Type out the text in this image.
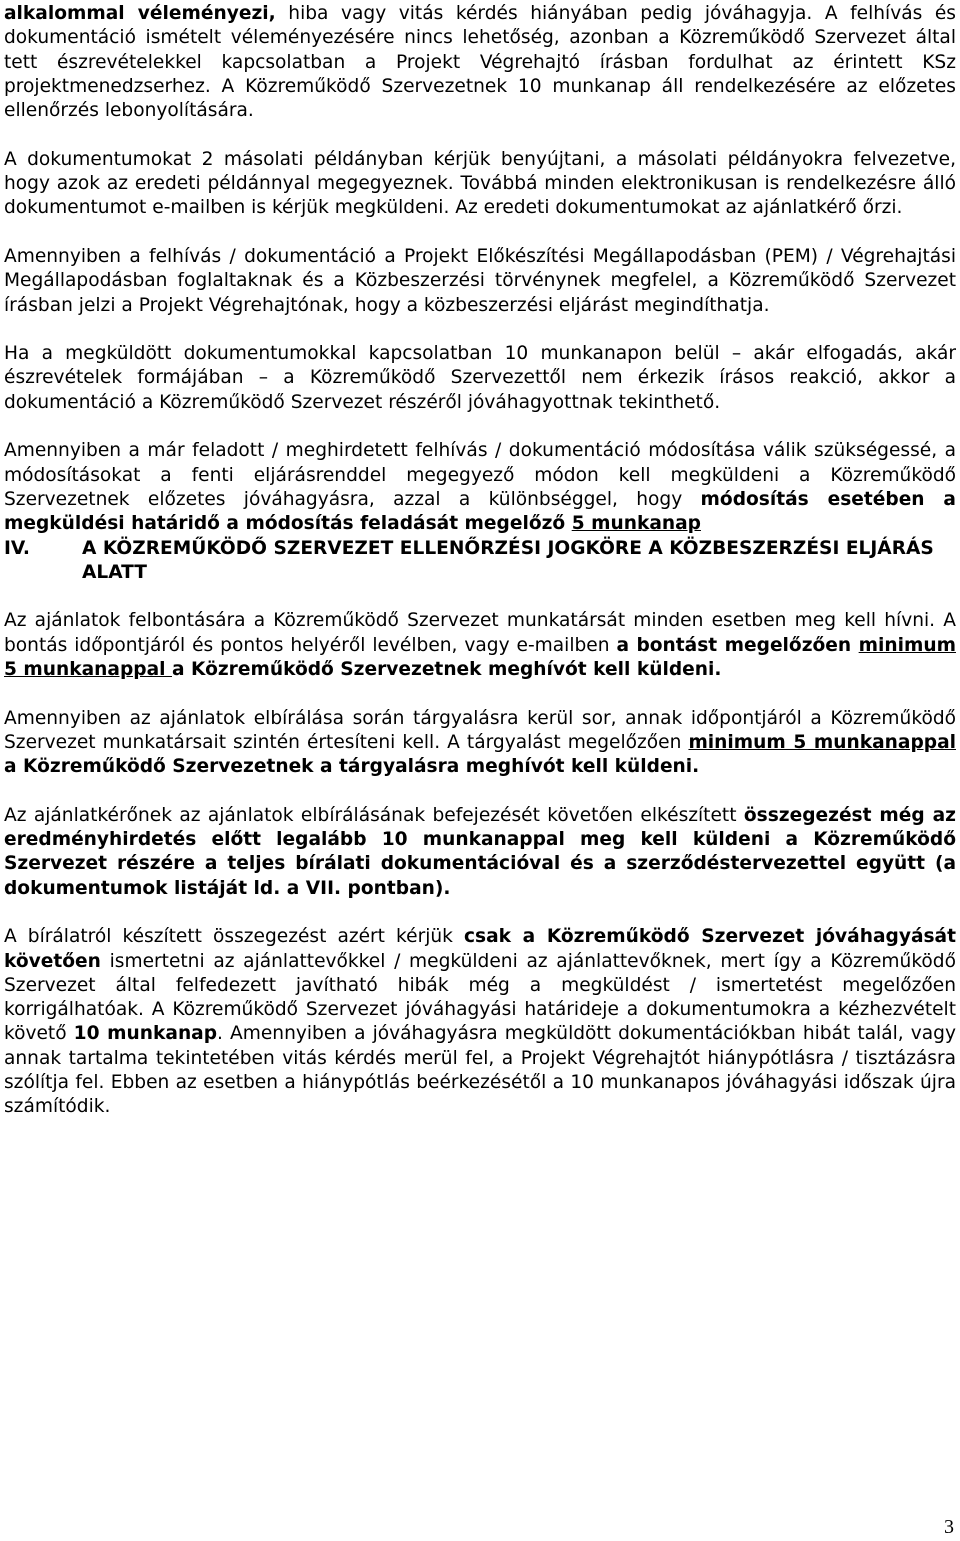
alkalommal véleményezi, hiba vagy vitás kérdés hiányában pedig jóváhagyja. A felhívás és dokumentáció ismételt véleményezésére nincs lehetőség, azonban a Közreműködő Szervezet által tett észrevételekkel kapcsolatban a Projekt Végrehajtó írásban fordulhat az érintett KSz projektmenedzserhez. A Közreműködő Szervezetnek 10 munkanap áll rendelkezésére az előzetes ellenőrzés lebonyolítására.

A dokumentumokat 2 másolati példányban kérjük benyújtani, a másolati példányokra felvezetve, hogy azok az eredeti példánnyal megegyeznek. Továbbá minden elektronikusan is rendelkezésre álló dokumentumot e-mailben is kérjük megküldeni. Az eredeti dokumentumokat az ajánlatkérő őrzi.

Amennyiben a felhívás / dokumentáció a Projekt Előkészítési Megállapodásban (PEM) / Végrehajtási Megállapodásban foglaltaknak és a Közbeszerzési törvénynek megfelel, a Közreműködő Szervezet írásban jelzi a Projekt Végrehajtónak, hogy a közbeszerzési eljárást megindíthatja.

Ha a megküldött dokumentumokkal kapcsolatban 10 munkanapon belül – akár elfogadás, akár észrevételek formájában – a Közreműködő Szervezettől nem érkezik írásos reakció, akkor a dokumentáció a Közreműködő Szervezet részéről jóváhagyottnak tekinthető.

Amennyiben a már feladott / meghirdetett felhívás / dokumentáció módosítása válik szükségessé, a módosításokat a fenti eljárásrenddel megegyező módon kell megküldeni a Közreműködő Szervezetnek előzetes jóváhagyásra, azzal a különbséggel, hogy módosítás esetében a megküldési határidő a módosítás feladását megelőző 5 munkanap

IV.	A KÖZREMŰKÖDŐ SZERVEZET ELLENŐRZÉSI JOGKÖRE A KÖZBESZERZÉSI ELJÁRÁS ALATT

Az ajánlatok felbontására a Közreműködő Szervezet munkatársát minden esetben meg kell hívni. A bontás időpontjáról és pontos helyéről levélben, vagy e-mailben a bontást megelőzően minimum 5 munkanappal a Közreműködő Szervezetnek meghívót kell küldeni.

Amennyiben az ajánlatok elbírálása során tárgyalásra kerül sor, annak időpontjáról a Közreműködő Szervezet munkatársait szintén értesíteni kell. A tárgyalást megelőzően minimum 5 munkanappal a Közreműködő Szervezetnek a tárgyalásra meghívót kell küldeni.

Az ajánlatkérőnek az ajánlatok elbírálásának befejezését követően elkészített összegezést még az eredményhirdetés előtt legalább 10 munkanappal meg kell küldeni a Közreműködő Szervezet részére a teljes bírálati dokumentációval és a szerződéstervezettel együtt (a dokumentumok listáját ld. a VII. pontban).

A bírálatról készített összegezést azért kérjük csak a Közreműködő Szervezet jóváhagyását követően ismertetni az ajánlattevőkkel / megküldeni az ajánlattevőknek, mert így a Közreműködő Szervezet által felfedezett javítható hibák még a megküldést / ismertetést megelőzően korrigálhatóak. A Közreműködő Szervezet jóváhagyási határideje a dokumentumokra a kézhezvételt követő 10 munkanap. Amennyiben a jóváhagyásra megküldött dokumentációkban hibát talál, vagy annak tartalma tekintetében vitás kérdés merül fel, a Projekt Végrehajtót hiánypótlásra / tisztázásra szólítja fel. Ebben az esetben a hiánypótlás beérkezésétől a 10 munkanapos jóváhagyási időszak újra számítódik.

3
